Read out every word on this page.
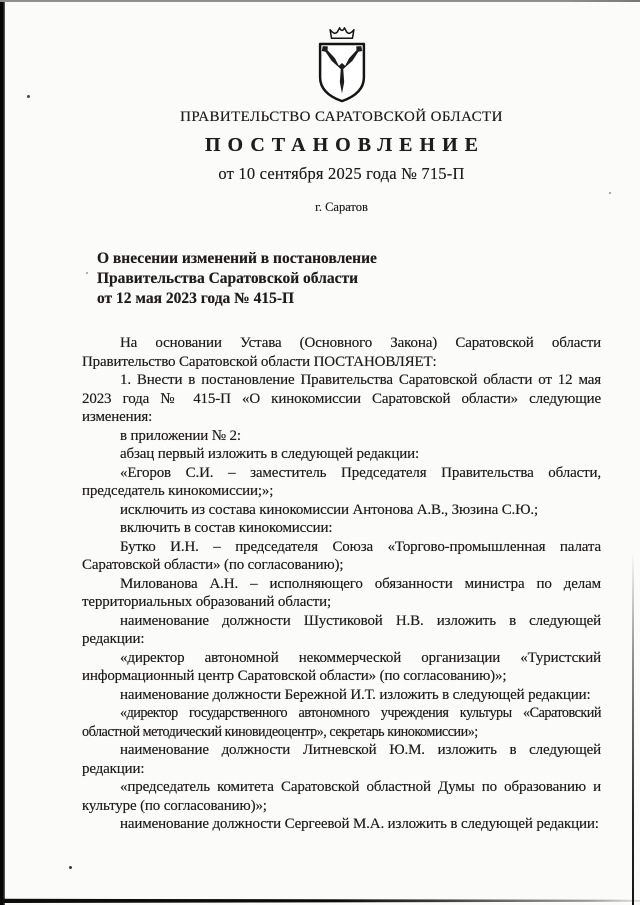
ПРАВИТЕЛЬСТВО САРАТОВСКОЙ ОБЛАСТИ
ПОСТАНОВЛЕНИЕ
от 10 сентября 2025 года № 715-П
г. Саратов
О внесении изменений в постановление
Правительства Саратовской области
от 12 мая 2023 года № 415-П

На основании Устава (Основного Закона) Саратовской области Правительство Саратовской области ПОСТАНОВЛЯЕТ:

1. Внести в постановление Правительства Саратовской области от 12 мая 2023 года № 415-П «О кинокомиссии Саратовской области» следующие изменения:

в приложении № 2:

абзац первый изложить в следующей редакции:

«Егоров С.И. – заместитель Председателя Правительства области, председатель кинокомиссии;»;

исключить из состава кинокомиссии Антонова А.В., Зюзина С.Ю.;

включить в состав кинокомиссии:

Бутко И.Н. – председателя Союза «Торгово-промышленная палата Саратовской области» (по согласованию);

Милованова А.Н. – исполняющего обязанности министра по делам территориальных образований области;

наименование должности Шустиковой Н.В. изложить в следующей редакции:

«директор автономной некоммерческой организации «Туристский информационный центр Саратовской области» (по согласованию)»;

наименование должности Бережной И.Т. изложить в следующей редакции:

«директор государственного автономного учреждения культуры «Саратовский областной методический киновидеоцентр», секретарь кинокомиссии»;

наименование должности Литневской Ю.М. изложить в следующей редакции:

«председатель комитета Саратовской областной Думы по образованию и культуре (по согласованию)»;

наименование должности Сергеевой М.А. изложить в следующей редакции:
